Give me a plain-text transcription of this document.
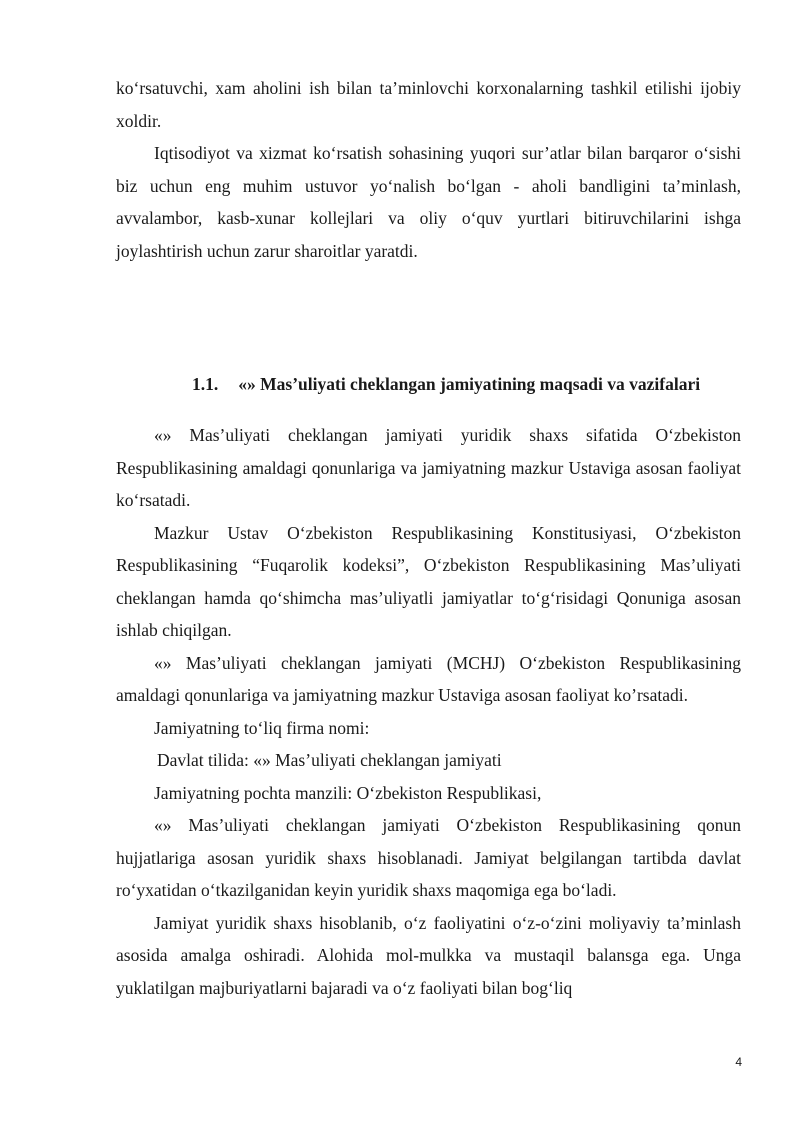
ko‘rsatuvchi, xam aholini ish bilan ta’minlovchi korxonalarning tashkil etilishi ijobiy xoldir.

Iqtisodiyot va xizmat ko‘rsatish sohasining yuqori sur’atlar bilan barqaror o‘sishi biz uchun eng muhim ustuvor yo‘nalish bo‘lgan - aholi bandligini ta’minlash, avvalambor, kasb-xunar kollejlari va oliy o‘quv yurtlari bitiruvchilarini ishga joylashtirish uchun zarur sharoitlar yaratdi.

1.1. «» Mas’uliyati cheklangan jamiyatining maqsadi va vazifalari

«» Mas’uliyati cheklangan jamiyati yuridik shaxs sifatida O‘zbekiston Respublikasining amaldagi qonunlariga va jamiyatning mazkur Ustaviga asosan faoliyat ko‘rsatadi.

Mazkur Ustav O‘zbekiston Respublikasining Konstitusiyasi, O‘zbekiston Respublikasining “Fuqarolik kodeksi”, O‘zbekiston Respublikasining Mas’uliyati cheklangan hamda qo‘shimcha mas’uliyatli jamiyatlar to‘g‘risidagi Qonuniga asosan ishlab chiqilgan.

«» Mas’uliyati cheklangan jamiyati (MCHJ) O‘zbekiston Respublikasining amaldagi qonunlariga va jamiyatning mazkur Ustaviga asosan faoliyat ko’rsatadi.

Jamiyatning to‘liq firma nomi:

Davlat tilida: «» Mas’uliyati cheklangan jamiyati

Jamiyatning pochta manzili: O‘zbekiston Respublikasi,

«» Mas’uliyati cheklangan jamiyati O‘zbekiston Respublikasining qonun hujjatlariga asosan yuridik shaxs hisoblanadi. Jamiyat belgilangan tartibda davlat ro‘yxatidan o‘tkazilganidan keyin yuridik shaxs maqomiga ega bo‘ladi.

Jamiyat yuridik shaxs hisoblanib, o‘z faoliyatini o‘z-o‘zini moliyaviy ta’minlash asosida amalga oshiradi. Alohida mol-mulkka va mustaqil balansga ega. Unga yuklatilgan majburiyatlarni bajaradi va o‘z faoliyati bilan bog‘liq

4
